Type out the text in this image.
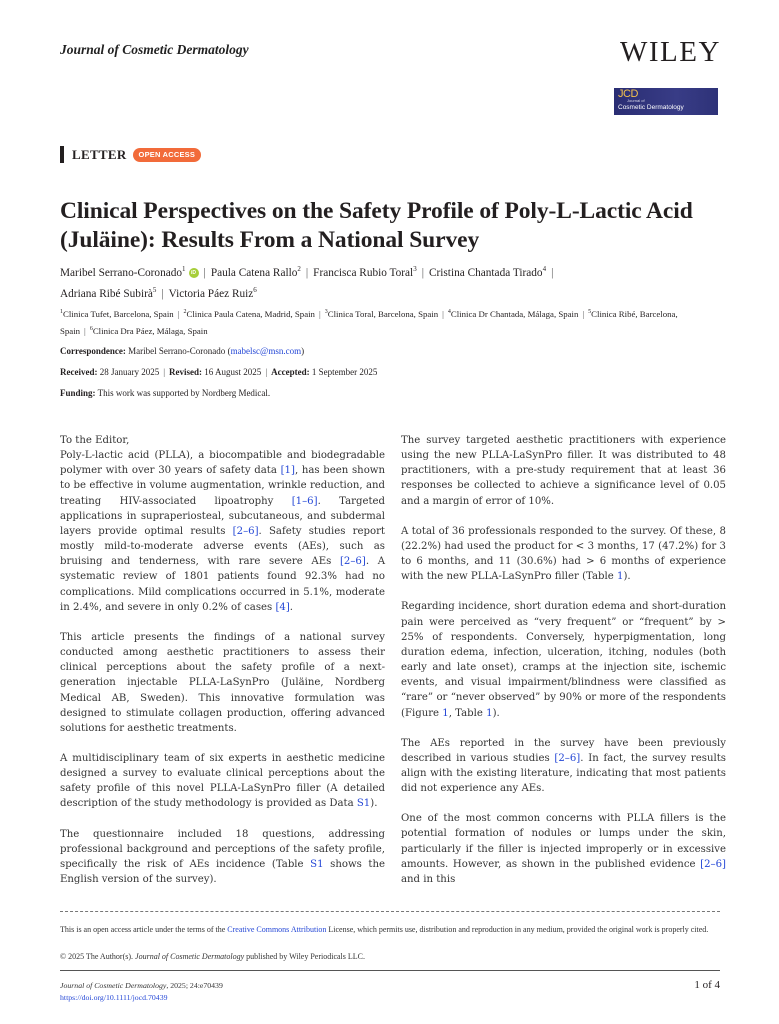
Journal of Cosmetic Dermatology	WILEY
JCD
Journal of
Cosmetic Dermatology
LETTER	OPEN ACCESS
Clinical Perspectives on the Safety Profile of Poly-L-Lactic Acid (Juläine): Results From a National Survey
Maribel Serrano-Coronado$^1$iD | Paula Catena Rallo$^2$ | Francisca Rubio Toral$^3$ | Cristina Chantada Tirado$^4$ |
Adriana Ribé Subirà$^5$ | Victoria Páez Ruiz$^6$
$^1$Clinica Tufet, Barcelona, Spain | $^2$Clinica Paula Catena, Madrid, Spain | $^3$Clinica Toral, Barcelona, Spain | $^4$Clinica Dr Chantada, Málaga, Spain | $^5$Clinica Ribé, Barcelona, Spain | $^6$Clinica Dra Páez, Málaga, Spain
Correspondence: Maribel Serrano-Coronado (mabelsc@msn.com)
Received: 28 January 2025 | Revised: 16 August 2025 | Accepted: 1 September 2025
Funding: This work was supported by Nordberg Medical.

To the Editor,

Poly-L-lactic acid (PLLA), a biocompatible and biodegradable polymer with over 30 years of safety data [1], has been shown to be effective in volume augmentation, wrinkle reduction, and treating HIV-associated lipoatrophy [1–6]. Targeted applications in supraperiosteal, subcutaneous, and subdermal layers provide optimal results [2–6]. Safety studies report mostly mild-to-moderate adverse events (AEs), such as bruising and tenderness, with rare severe AEs [2–6]. A systematic review of 1801 patients found 92.3% had no complications. Mild complications occurred in 5.1%, moderate in 2.4%, and severe in only 0.2% of cases [4].

This article presents the findings of a national survey conducted among aesthetic practitioners to assess their clinical perceptions about the safety profile of a next-generation injectable PLLA-LaSynPro (Juläine, Nordberg Medical AB, Sweden). This innovative formulation was designed to stimulate collagen production, offering advanced solutions for aesthetic treatments.

A multidisciplinary team of six experts in aesthetic medicine designed a survey to evaluate clinical perceptions about the safety profile of this novel PLLA-LaSynPro filler (A detailed description of the study methodology is provided as Data S1).

The questionnaire included 18 questions, addressing professional background and perceptions of the safety profile, specifically the risk of AEs incidence (Table S1 shows the English version of the survey).

The survey targeted aesthetic practitioners with experience using the new PLLA-LaSynPro filler. It was distributed to 48 practitioners, with a pre-study requirement that at least 36 responses be collected to achieve a significance level of 0.05 and a margin of error of 10%.

A total of 36 professionals responded to the survey. Of these, 8 (22.2%) had used the product for < 3 months, 17 (47.2%) for 3 to 6 months, and 11 (30.6%) had > 6 months of experience with the new PLLA-LaSynPro filler (Table 1).

Regarding incidence, short duration edema and short-duration pain were perceived as “very frequent” or “frequent” by > 25% of respondents. Conversely, hyperpigmentation, long duration edema, infection, ulceration, itching, nodules (both early and late onset), cramps at the injection site, ischemic events, and visual impairment/blindness were classified as “rare” or “never observed” by 90% or more of the respondents (Figure 1, Table 1).

The AEs reported in the survey have been previously described in various studies [2–6]. In fact, the survey results align with the existing literature, indicating that most patients did not experience any AEs.

One of the most common concerns with PLLA fillers is the potential formation of nodules or lumps under the skin, particularly if the filler is injected improperly or in excessive amounts. However, as shown in the published evidence [2–6] and in this

This is an open access article under the terms of the Creative Commons Attribution License, which permits use, distribution and reproduction in any medium, provided the original work is properly cited.
© 2025 The Author(s). Journal of Cosmetic Dermatology published by Wiley Periodicals LLC.
Journal of Cosmetic Dermatology, 2025; 24:e70439
https://doi.org/10.1111/jocd.70439
1 of 4
